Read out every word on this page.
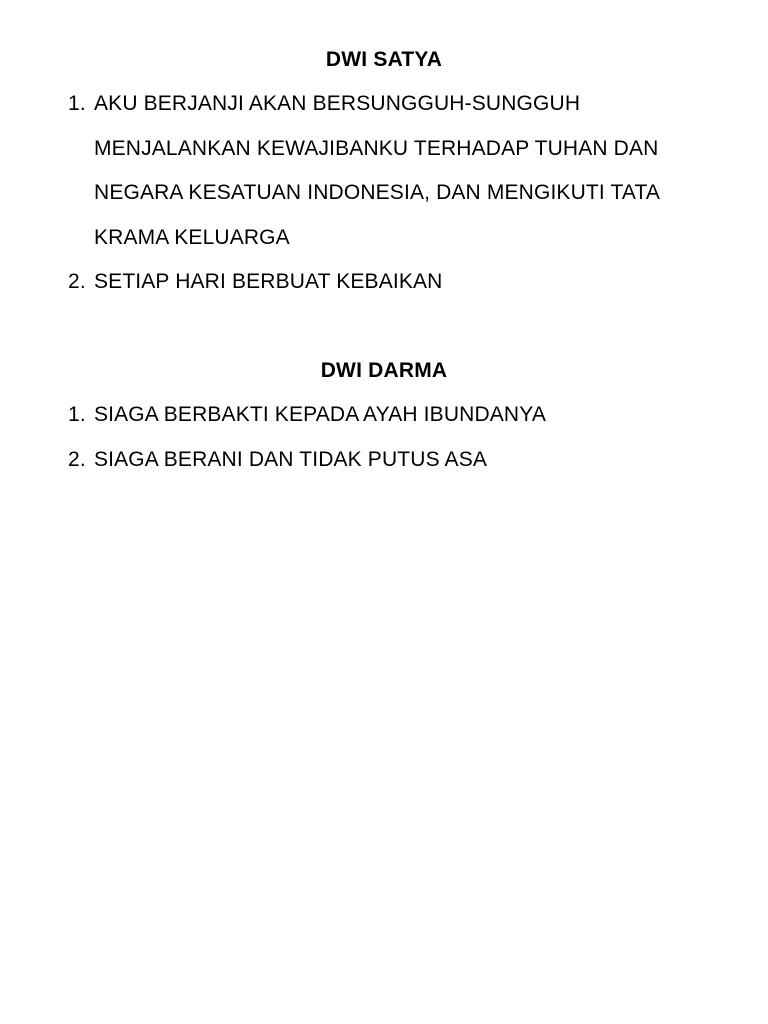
DWI SATYA
1. AKU BERJANJI AKAN BERSUNGGUH-SUNGGUH
MENJALANKAN KEWAJIBANKU TERHADAP TUHAN DAN
NEGARA KESATUAN INDONESIA, DAN MENGIKUTI TATA
KRAMA KELUARGA
2. SETIAP HARI BERBUAT KEBAIKAN
DWI DARMA
1. SIAGA BERBAKTI KEPADA AYAH IBUNDANYA
2. SIAGA BERANI DAN TIDAK PUTUS ASA
